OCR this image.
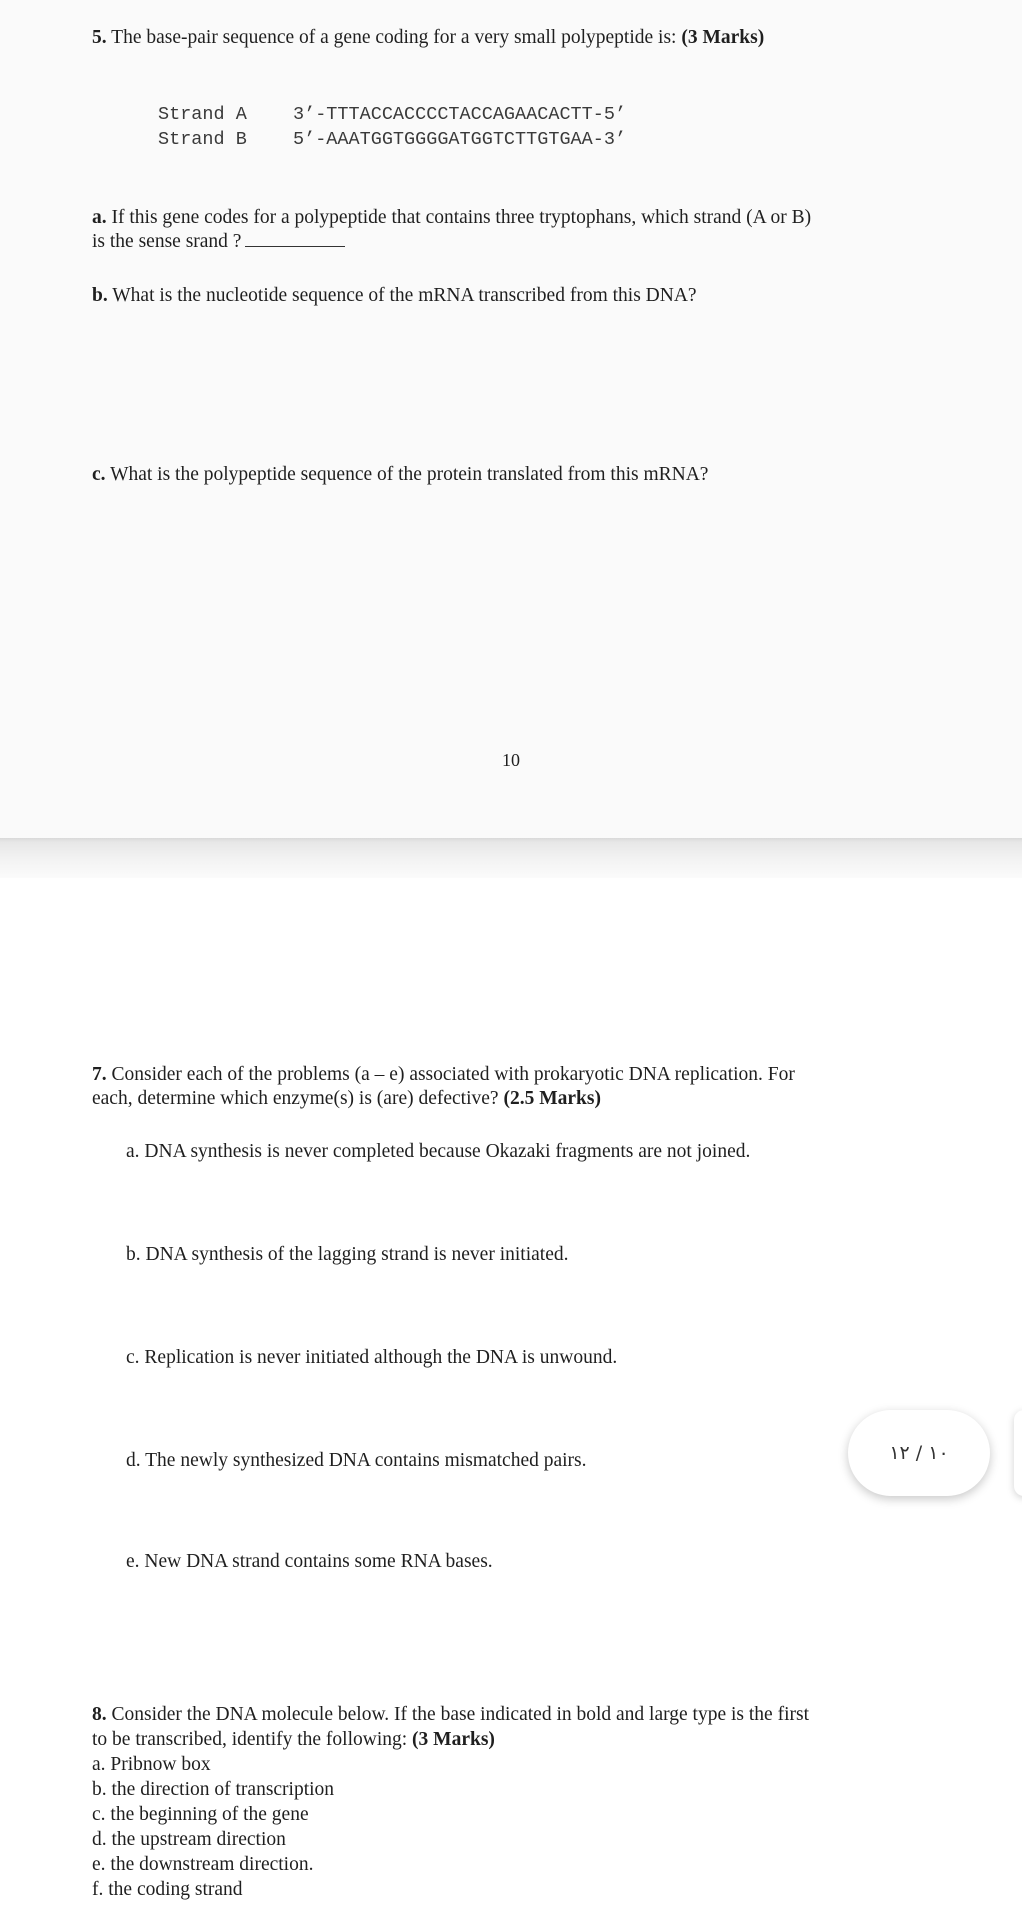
5. The base-pair sequence of a gene coding for a very small polypeptide is: (3 Marks)

Strand A 3’-TTTACCACCCCTACCAGAACACTT-5’
Strand B 5’-AAATGGTGGGGATGGTCTTGTGAA-3’

a. If this gene codes for a polypeptide that contains three tryptophans, which strand (A or B)

is the sense srand ?

b. What is the nucleotide sequence of the mRNA transcribed from this DNA?

c. What is the polypeptide sequence of the protein translated from this mRNA?

10

7. Consider each of the problems (a – e) associated with prokaryotic DNA replication. For

each, determine which enzyme(s) is (are) defective? (2.5 Marks)

a. DNA synthesis is never completed because Okazaki fragments are not joined.

b. DNA synthesis of the lagging strand is never initiated.

c. Replication is never initiated although the DNA is unwound.

d. The newly synthesized DNA contains mismatched pairs.

e. New DNA strand contains some RNA bases.

8. Consider the DNA molecule below. If the base indicated in bold and large type is the first

to be transcribed, identify the following: (3 Marks)

a. Pribnow box

b. the direction of transcription

c. the beginning of the gene

d. the upstream direction

e. the downstream direction.

f. the coding strand

١٠ / ١٢
